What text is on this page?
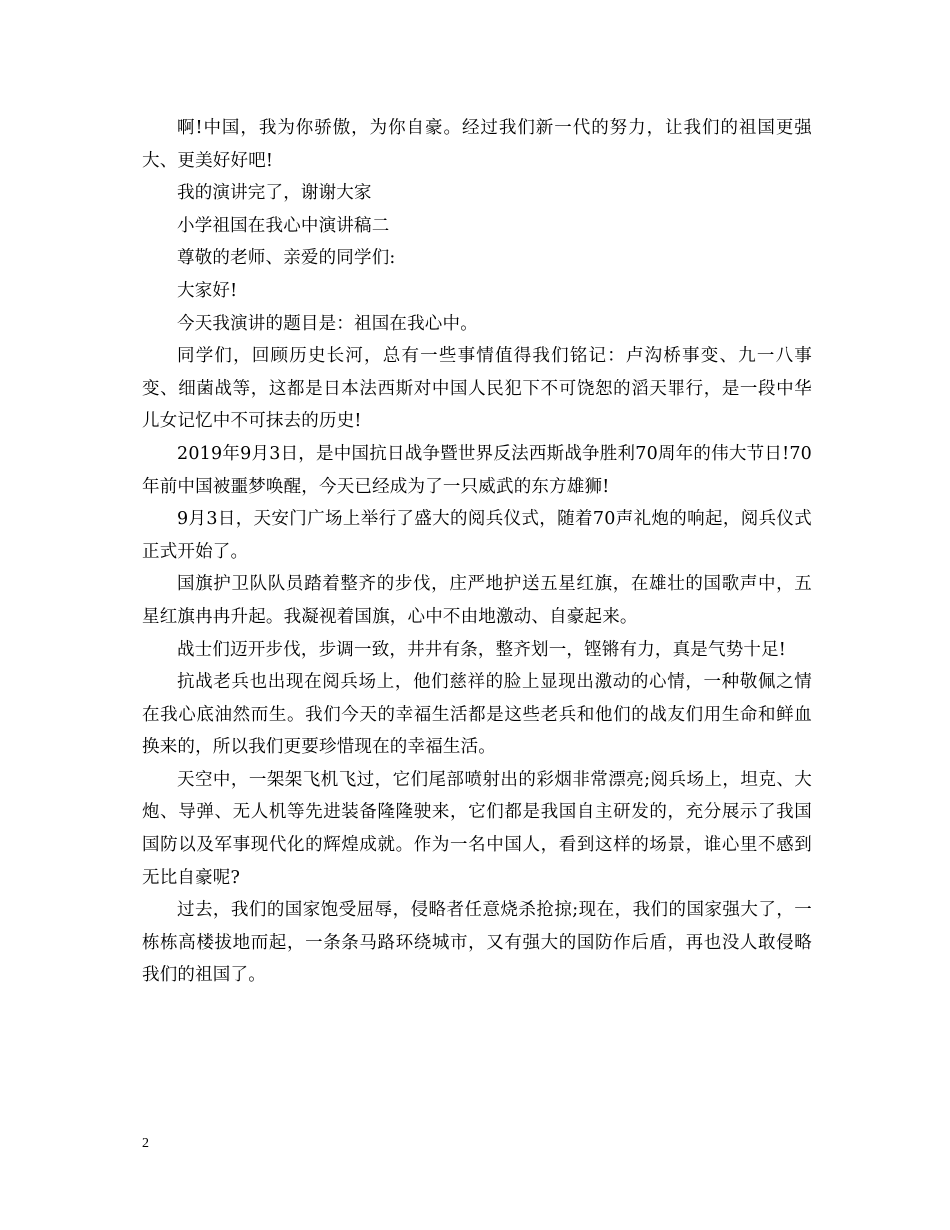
啊!中国，我为你骄傲，为你自豪。经过我们新一代的努力，让我们的祖国更强大、更美好好吧!

我的演讲完了，谢谢大家

小学祖国在我心中演讲稿二

尊敬的老师、亲爱的同学们:

大家好!

今天我演讲的题目是：祖国在我心中。

同学们，回顾历史长河，总有一些事情值得我们铭记：卢沟桥事变、九一八事变、细菌战等，这都是日本法西斯对中国人民犯下不可饶恕的滔天罪行，是一段中华儿女记忆中不可抹去的历史!

2019年9月3日，是中国抗日战争暨世界反法西斯战争胜利70周年的伟大节日!70年前中国被噩梦唤醒，今天已经成为了一只威武的东方雄狮!

9月3日，天安门广场上举行了盛大的阅兵仪式，随着70声礼炮的响起，阅兵仪式正式开始了。

国旗护卫队队员踏着整齐的步伐，庄严地护送五星红旗，在雄壮的国歌声中，五星红旗冉冉升起。我凝视着国旗，心中不由地激动、自豪起来。

战士们迈开步伐，步调一致，井井有条，整齐划一，铿锵有力，真是气势十足!

抗战老兵也出现在阅兵场上，他们慈祥的脸上显现出激动的心情，一种敬佩之情在我心底油然而生。我们今天的幸福生活都是这些老兵和他们的战友们用生命和鲜血换来的，所以我们更要珍惜现在的幸福生活。

天空中，一架架飞机飞过，它们尾部喷射出的彩烟非常漂亮;阅兵场上，坦克、大炮、导弹、无人机等先进装备隆隆驶来，它们都是我国自主研发的，充分展示了我国国防以及军事现代化的辉煌成就。作为一名中国人，看到这样的场景，谁心里不感到无比自豪呢?

过去，我们的国家饱受屈辱，侵略者任意烧杀抢掠;现在，我们的国家强大了，一栋栋高楼拔地而起，一条条马路环绕城市，又有强大的国防作后盾，再也没人敢侵略我们的祖国了。

2
